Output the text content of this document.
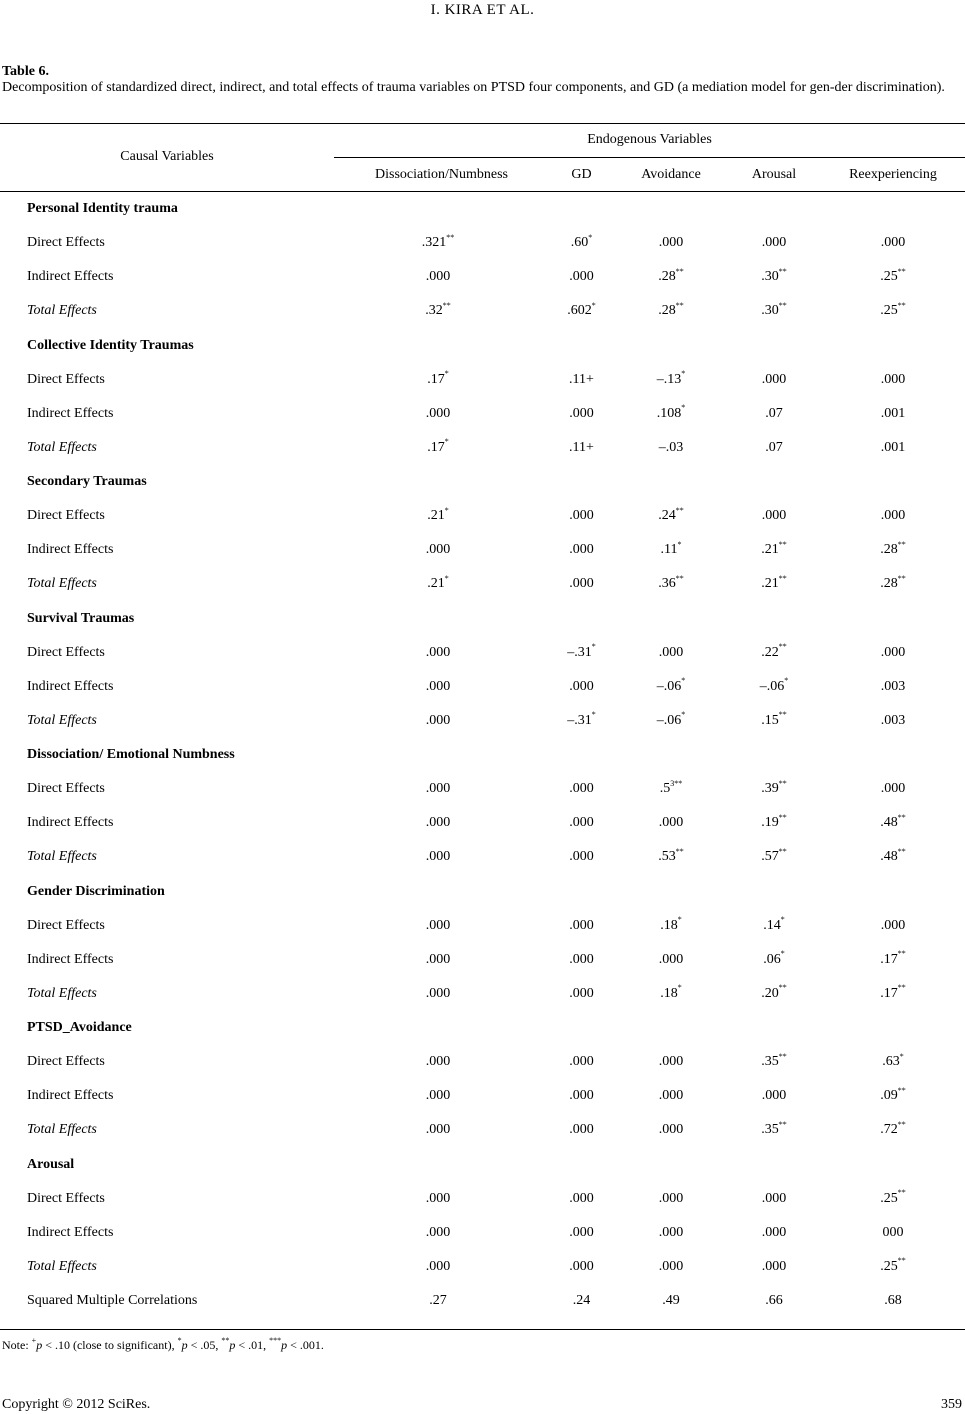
I. KIRA ET AL.
Table 6.
Decomposition of standardized direct, indirect, and total effects of trauma variables on PTSD four components, and GD (a mediation model for gen-der discrimination).
Endogenous Variables
Causal Variables
Dissociation/Numbness	GD	Avoidance	Arousal	Reexperiencing
Personal Identity trauma					
Direct Effects	.321**	.60*	.000	.000	.000
Indirect Effects	.000	.000	.28**	.30**	.25**
Total Effects	.32**	.602*	.28**	.30**	.25**
Collective Identity Traumas					
Direct Effects	.17*	.11+	–.13*	.000	.000
Indirect Effects	.000	.000	.108*	.07	.001
Total Effects	.17*	.11+	–.03	.07	.001
Secondary Traumas					
Direct Effects	.21*	.000	.24**	.000	.000
Indirect Effects	.000	.000	.11*	.21**	.28**
Total Effects	.21*	.000	.36**	.21**	.28**
Survival Traumas					
Direct Effects	.000	–.31*	.000	.22**	.000
Indirect Effects	.000	.000	–.06*	–.06*	.003
Total Effects	.000	–.31*	–.06*	.15**	.003
Dissociation/ Emotional Numbness					
Direct Effects	.000	.000	$.5^{3**}$	.39**	.000
Indirect Effects	.000	.000	.000	.19**	.48**
Total Effects	.000	.000	.53**	.57**	.48**
Gender Discrimination					
Direct Effects	.000	.000	.18*	.14*	.000
Indirect Effects	.000	.000	.000	.06*	.17**
Total Effects	.000	.000	.18*	.20**	.17**
PTSD_Avoidance					
Direct Effects	.000	.000	.000	.35**	.63*
Indirect Effects	.000	.000	.000	.000	.09**
Total Effects	.000	.000	.000	.35**	.72**
Arousal					
Direct Effects	.000	.000	.000	.000	.25**
Indirect Effects	.000	.000	.000	.000	000
Total Effects	.000	.000	.000	.000	.25**
Squared Multiple Correlations	.27	.24	.49	.66	.68
Note: +p < .10 (close to significant), *p < .05, **p < .01, ***p < .001.
Copyright © 2012 SciRes.	359
